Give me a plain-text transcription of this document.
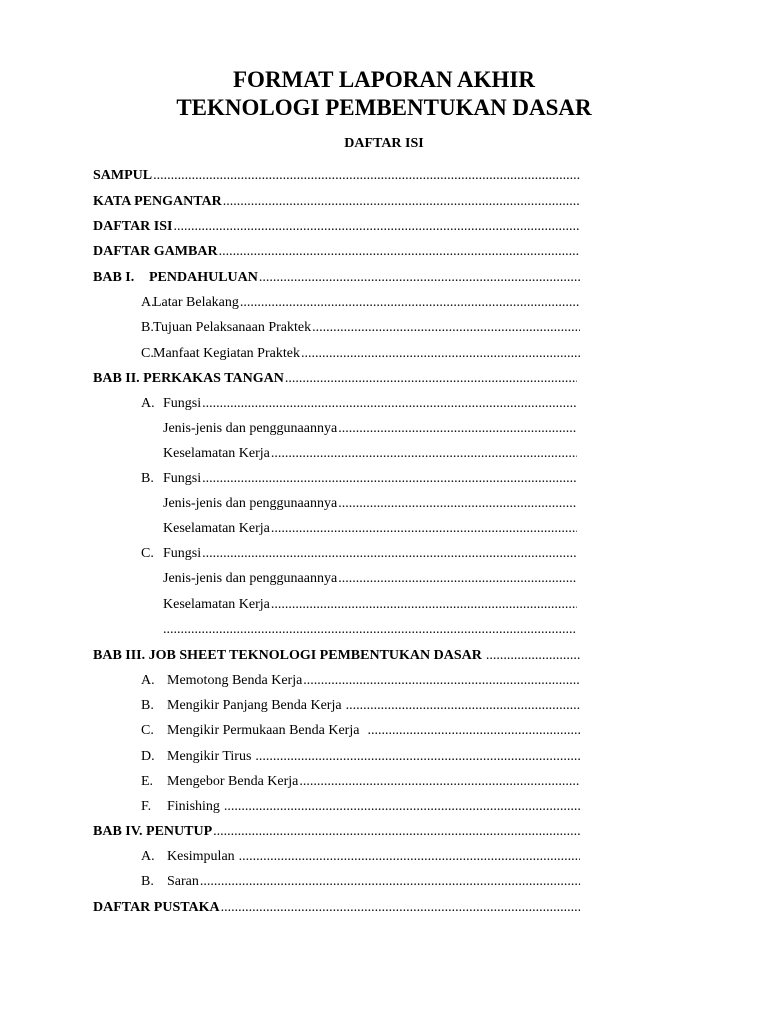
FORMAT LAPORAN AKHIR
TEKNOLOGI PEMBENTUKAN DASAR
DAFTAR ISI
SAMPUL
.....
KATA PENGANTAR
.....
DAFTAR ISI
.....
DAFTAR GAMBAR
.....
BAB I.	PENDAHULUAN
.....
A.
Latar Belakang
.....
B. Tujuan Pelaksanaan Praktek
.....
C. Manfaat Kegiatan Praktek
.....
BAB II. PERKAKAS TANGAN
.....
A. Fungsi
.....
Jenis-jenis dan penggunaannya
.....
Keselamatan Kerja
.....
B. Fungsi
.....
Jenis-jenis dan penggunaannya
.....
Keselamatan Kerja
.....
C. Fungsi
.....
Jenis-jenis dan penggunaannya
.....
Keselamatan Kerja
.....
.....
BAB III. JOB SHEET TEKNOLOGI PEMBENTUKAN DASAR
.....
A. Memotong Benda Kerja
.....
B. Mengikir Panjang Benda Kerja
.....
C. Mengikir Permukaan Benda Kerja
.....
D. Mengikir Tirus
.....
E. Mengebor Benda Kerja
.....
F.	Finishing
.....
BAB IV. PENUTUP
.....
A. Kesimpulan
.....
B. Saran
.....
DAFTAR PUSTAKA
.....
